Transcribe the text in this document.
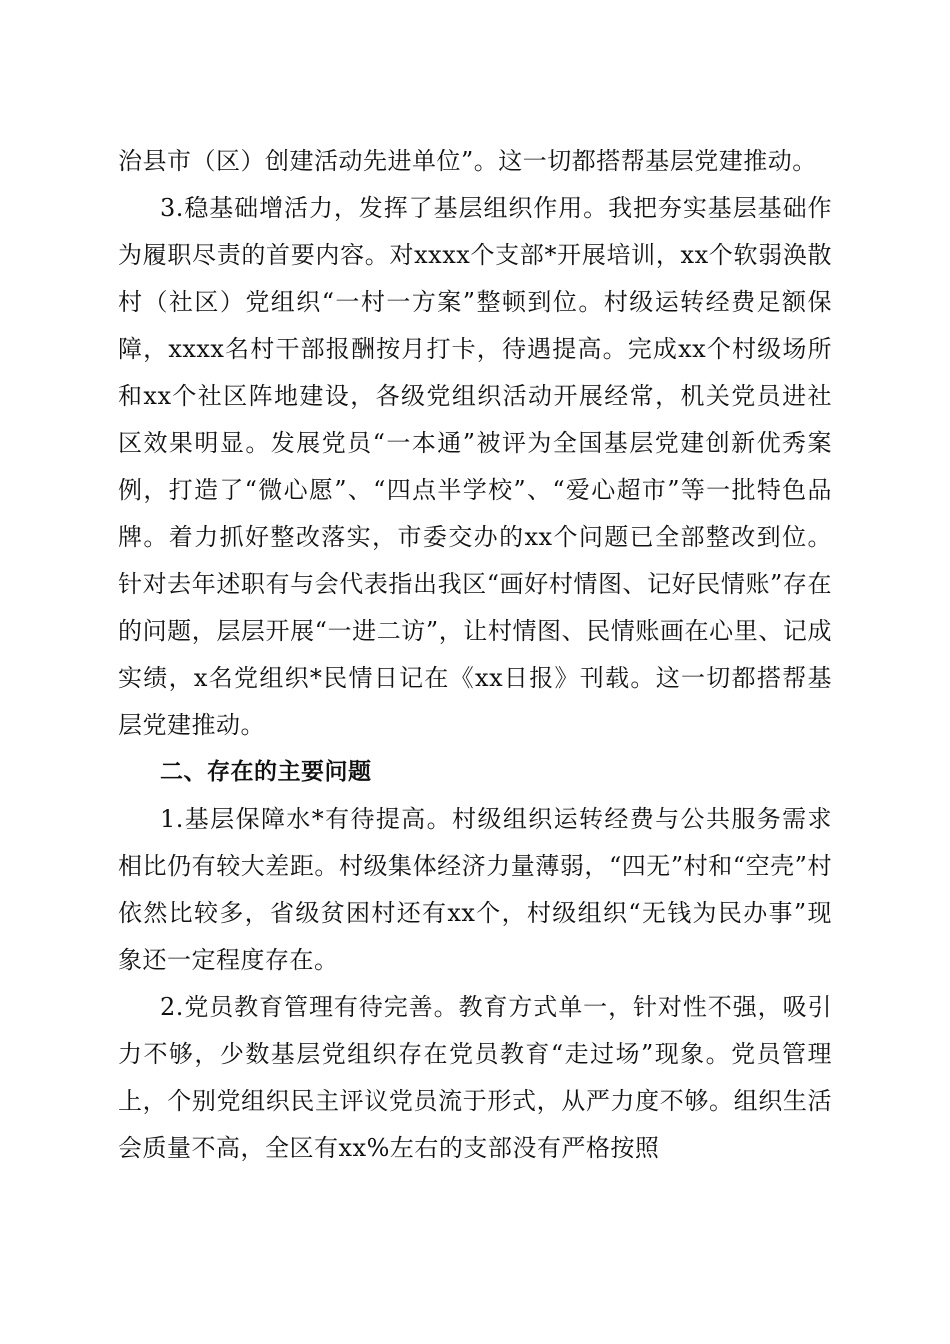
治县市（区）创建活动先进单位”。这一切都搭帮基层党建推动。

3.稳基础增活力，发挥了基层组织作用。我把夯实基层基础作为履职尽责的首要内容。对xxxx个支部*开展培训，xx个软弱涣散村（社区）党组织“一村一方案”整顿到位。村级运转经费足额保障，xxxx名村干部报酬按月打卡，待遇提高。完成xx个村级场所和xx个社区阵地建设，各级党组织活动开展经常，机关党员进社区效果明显。发展党员“一本通”被评为全国基层党建创新优秀案例，打造了“微心愿”、“四点半学校”、“爱心超市”等一批特色品牌。着力抓好整改落实，市委交办的xx个问题已全部整改到位。针对去年述职有与会代表指出我区“画好村情图、记好民情账”存在的问题，层层开展“一进二访”，让村情图、民情账画在心里、记成实绩，x名党组织*民情日记在《xx日报》刊载。这一切都搭帮基层党建推动。

二、存在的主要问题

1.基层保障水*有待提高。村级组织运转经费与公共服务需求相比仍有较大差距。村级集体经济力量薄弱，“四无”村和“空壳”村依然比较多，省级贫困村还有xx个，村级组织“无钱为民办事”现象还一定程度存在。

2.党员教育管理有待完善。教育方式单一，针对性不强，吸引力不够，少数基层党组织存在党员教育“走过场”现象。党员管理上，个别党组织民主评议党员流于形式，从严力度不够。组织生活会质量不高，全区有xx%左右的支部没有严格按照
